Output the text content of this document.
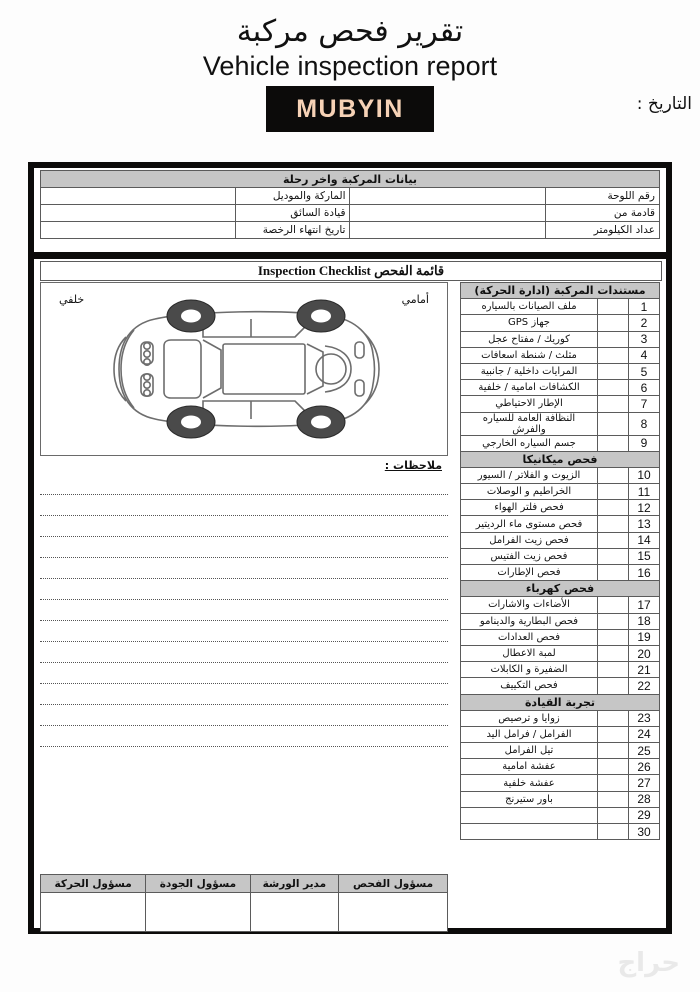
تقرير فحص مركبة
Vehicle inspection report
MUBYIN	التاريخ :
بيانات المركبة واخر رحلة			
	الماركة والموديل		رقم اللوحة
	قيادة السائق		قادمة من
	تاريخ انتهاء الرخصة		عداد الكيلومتر
قائمة الفحص Inspection Checklist
خلفي	أمامي
ملاحظات :
مسؤول الحركة	مسؤول الجودة	مدير الورشة	مسؤول الفحص

مستندات المركبة (ادارة الحركة)		
ملف الصيانات بالسياره		1
جهاز GPS		2
كوريك / مفتاح عجل		3
مثلث / شنطة اسعافات		4
المرايات داخلية / جانبية		5
الكشافات امامية / خلفية		6
الإطار الاحتياطي		7
النظافة العامة للسياره والفرش		8
جسم السياره الخارجي		9
فحص ميكانيكا		
الزيوت و الفلاتر / السيور		10
الخراطيم و الوصلات		11
فحص فلتر الهواء		12
فحص مستوى ماء الرديتير		13
فحص زيت الفرامل		14
فحص زيت الفتيس		15
فحص الإطارات		16
فحص كهرباء		
الأضاءات والاشارات		17
فحص البطارية والدينامو		18
فحص العدادات		19
لمبة الاعطال		20
الضفيرة و الكابلات		21
فحص التكييف		22
تجربة القيادة		
زوايا و ترصيص		23
الفرامل / فرامل اليد		24
تيل الفرامل		25
عفشة امامية		26
عفشة خلفية		27
باور ستيرنج		28
		29
		30
حراج
